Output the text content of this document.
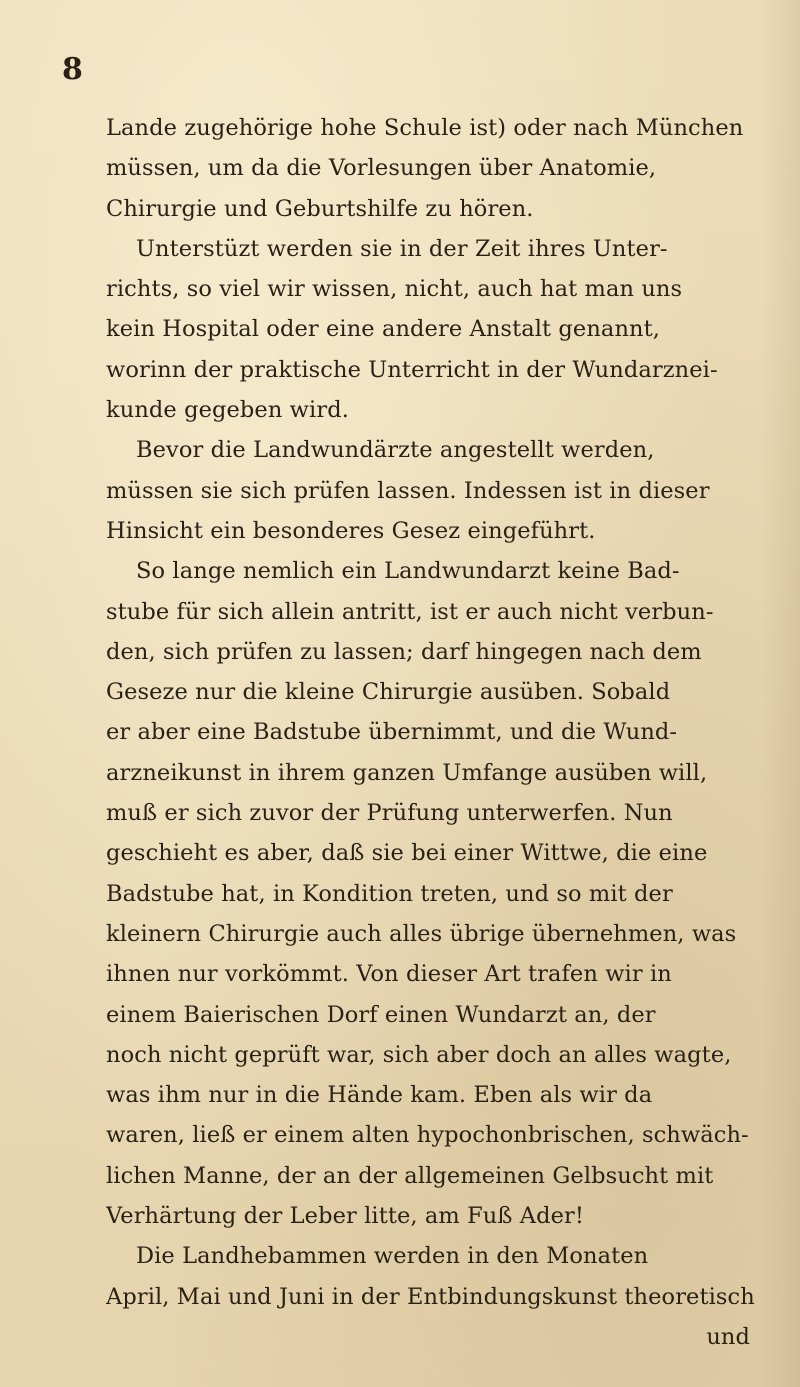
8
Lande zugehörige hohe Schule ist) oder nach München
müssen, um da die Vorlesungen über Anatomie,
Chirurgie und Geburtshilfe zu hören.
Unterstüzt werden sie in der Zeit ihres Unter-
richts, so viel wir wissen, nicht, auch hat man uns
kein Hospital oder eine andere Anstalt genannt,
worinn der praktische Unterricht in der Wundarznei-
kunde gegeben wird.
Bevor die Landwundärzte angestellt werden,
müssen sie sich prüfen lassen. Indessen ist in dieser
Hinsicht ein besonderes Gesez eingeführt.
So lange nemlich ein Landwundarzt keine Bad-
stube für sich allein antritt, ist er auch nicht verbun-
den, sich prüfen zu lassen; darf hingegen nach dem
Geseze nur die kleine Chirurgie ausüben. Sobald
er aber eine Badstube übernimmt, und die Wund-
arzneikunst in ihrem ganzen Umfange ausüben will,
muß er sich zuvor der Prüfung unterwerfen. Nun
geschieht es aber, daß sie bei einer Wittwe, die eine
Badstube hat, in Kondition treten, und so mit der
kleinern Chirurgie auch alles übrige übernehmen, was
ihnen nur vorkömmt. Von dieser Art trafen wir in
einem Baierischen Dorf einen Wundarzt an, der
noch nicht geprüft war, sich aber doch an alles wagte,
was ihm nur in die Hände kam. Eben als wir da
waren, ließ er einem alten hypochonbrischen, schwäch-
lichen Manne, der an der allgemeinen Gelbsucht mit
Verhärtung der Leber litte, am Fuß Ader!
Die Landhebammen werden in den Monaten
April, Mai und Juni in der Entbindungskunst theoretisch
und
